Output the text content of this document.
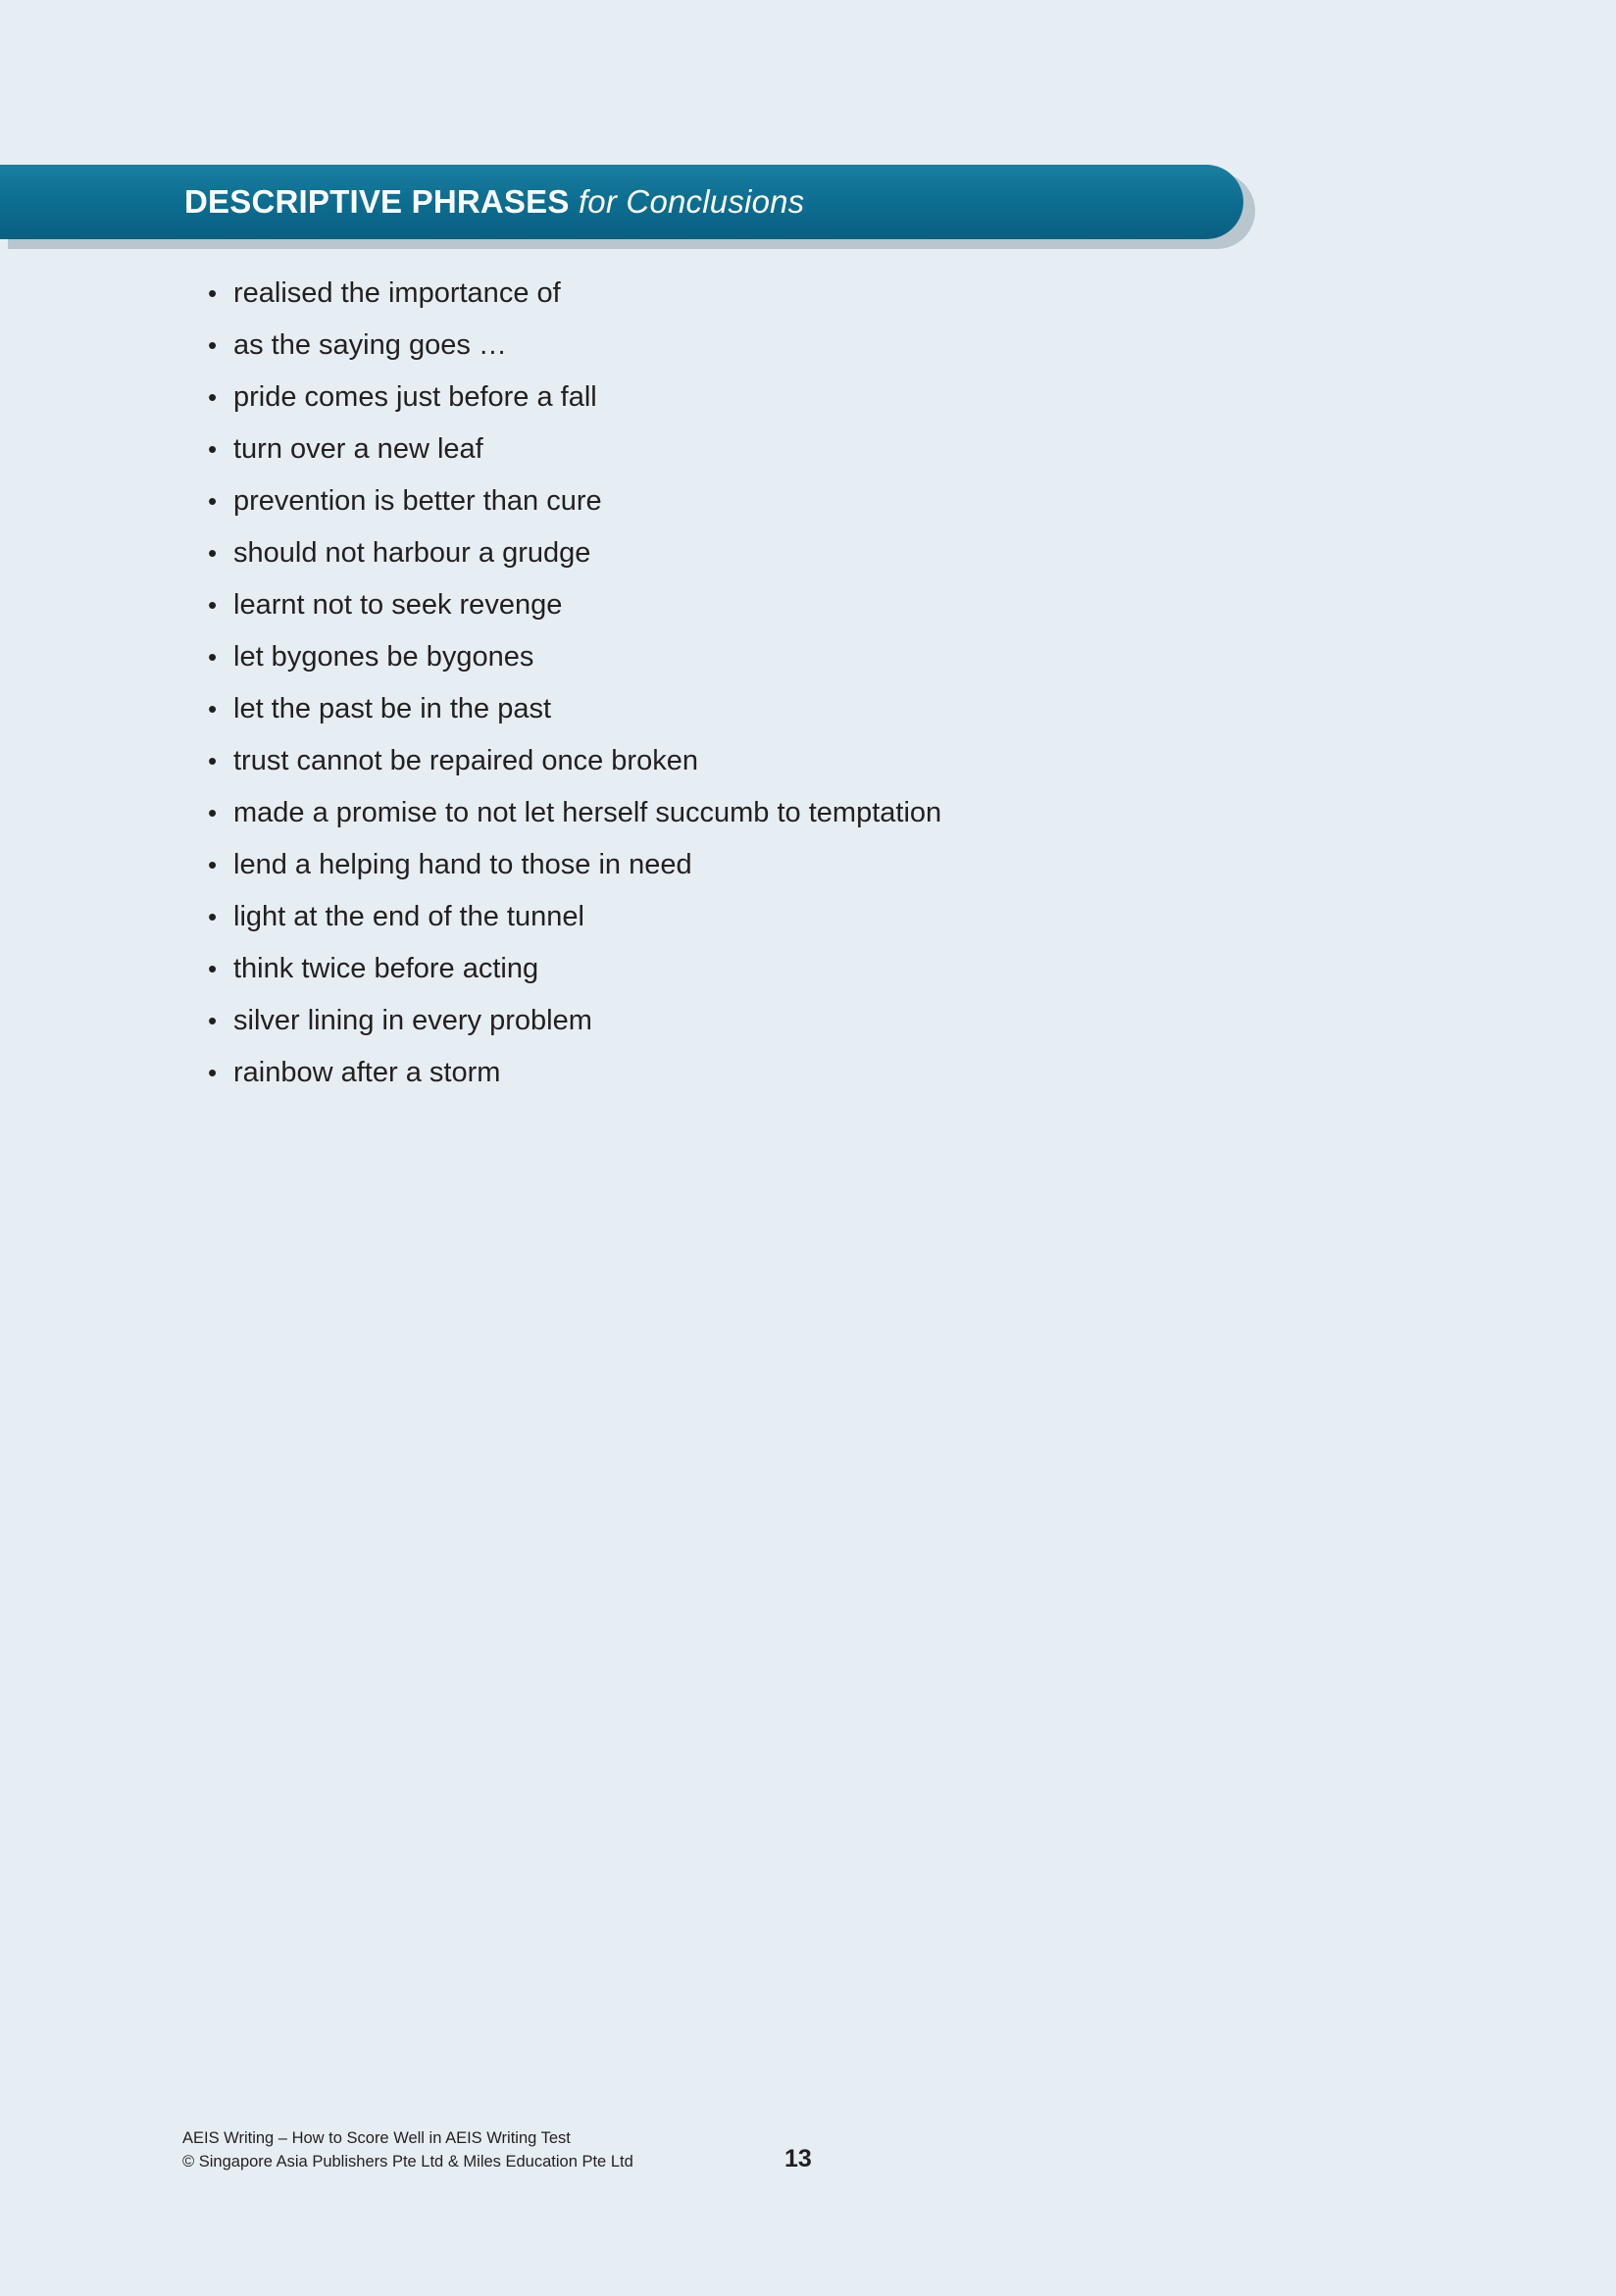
DESCRIPTIVE PHRASES for Conclusions
• realised the importance of
• as the saying goes …
• pride comes just before a fall
• turn over a new leaf
• prevention is better than cure
• should not harbour a grudge
• learnt not to seek revenge
• let bygones be bygones
• let the past be in the past
• trust cannot be repaired once broken
• made a promise to not let herself succumb to temptation
• lend a helping hand to those in need
• light at the end of the tunnel
• think twice before acting
• silver lining in every problem
• rainbow after a storm
AEIS Writing – How to Score Well in AEIS Writing Test
© Singapore Asia Publishers Pte Ltd & Miles Education Pte Ltd	13
